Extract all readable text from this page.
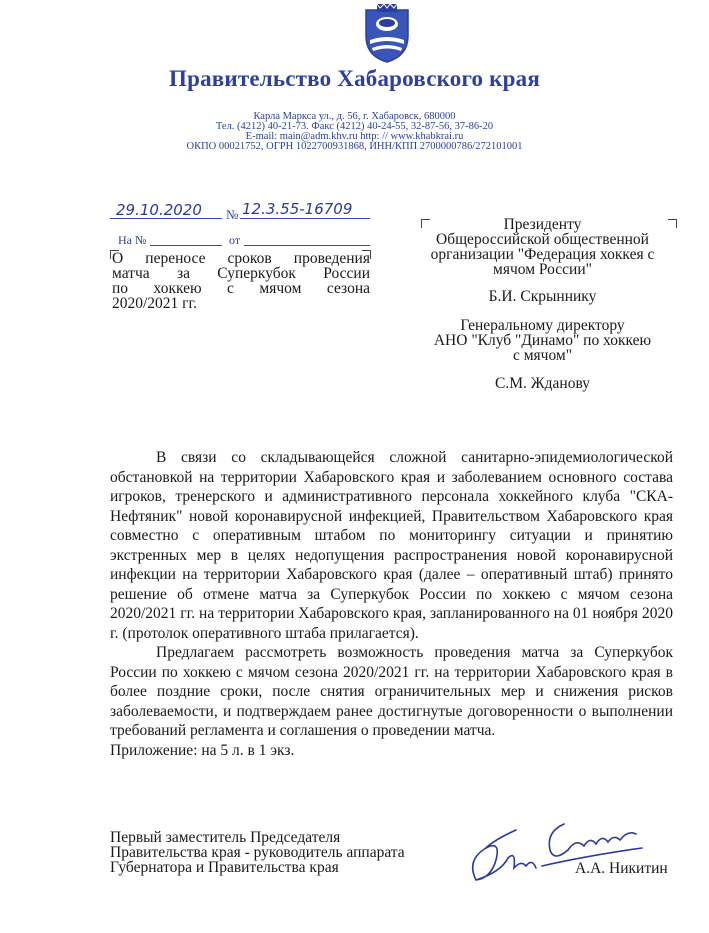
Правительство Хабаровского края
Карла Маркса ул., д. 56, г. Хабаровск, 680000
Тел. (4212) 40-21-73. Факс (4212) 40-24-55, 32-87-56, 37-86-20
E-mail: main@adm.khv.ru http: // www.khabkrai.ru
ОКПО 00021752, ОГРН 1022700931868, ИНН/КПП 2700000786/272101001
29.10.2020 № 12.3.55-16709
На №	от
О переносе сроков проведения
матча за Суперкубок России
по хоккею с мячом сезона
2020/2021 гг.
Президенту
Общероссийской общественной
организации "Федерация хоккея с
мячом России"
Б.И. Скрыннику
Генеральному директору
АНО "Клуб "Динамо" по хоккею
с мячом"
С.М. Жданову
В связи со складывающейся сложной санитарно-эпидемиологической обстановкой на территории Хабаровского края и заболеванием основного состава игроков, тренерского и административного персонала хоккейного клуба "СКА-Нефтяник" новой коронавирусной инфекцией, Правительством Хабаровского края совместно с оперативным штабом по мониторингу ситуации и принятию экстренных мер в целях недопущения распространения новой коронавирусной инфекции на территории Хабаровского края (далее – оперативный штаб) принято решение об отмене матча за Суперкубок России по хоккею с мячом сезона 2020/2021 гг. на территории Хабаровского края, запланированного на 01 ноября 2020 г. (протолок оперативного штаба прилагается).
Предлагаем рассмотреть возможность проведения матча за Суперкубок России по хоккею с мячом сезона 2020/2021 гг. на территории Хабаровского края в более поздние сроки, после снятия ограничительных мер и снижения рисков заболеваемости, и подтверждаем ранее достигнутые договоренности о выполнении требований регламента и соглашения о проведении матча.
Приложение: на 5 л. в 1 экз.
Первый заместитель Председателя
Правительства края - руководитель аппарата
Губернатора и Правительства края	А.А. Никитин
